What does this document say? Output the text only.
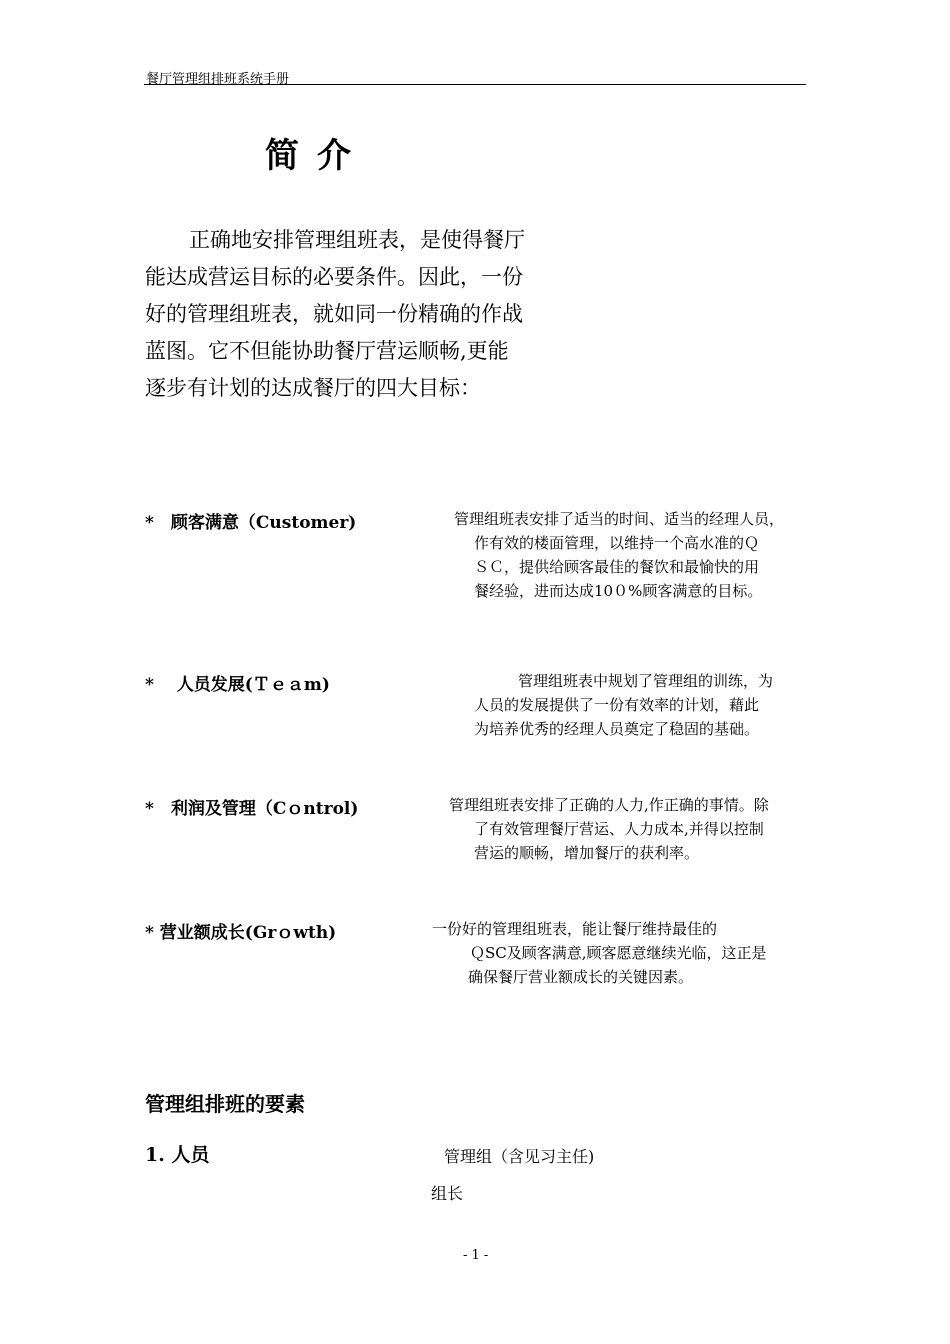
餐厅管理组排班系统手册
简介

正确地安排管理组班表，是使得餐厅

能达成营运目标的必要条件。因此，一份

好的管理组班表，就如同一份精确的作战

蓝图。它不但能协助餐厅营运顺畅,更能

逐步有计划的达成餐厅的四大目标：

*　顾客满意（Customer)	管理组班表安排了适当的时间、适当的经理人员，
作有效的楼面管理，以维持一个高水准的Ｑ
ＳＣ，提供给顾客最佳的餐饮和最愉快的用
餐经验，进而达成10０%顾客满意的目标。
*　 人员发展(Ｔｅａm)	管理组班表中规划了管理组的训练，为
人员的发展提供了一份有效率的计划，藉此
为培养优秀的经理人员奠定了稳固的基础。
*　利润及管理（Cｏntrol)	管理组班表安排了正确的人力,作正确的事情。除
了有效管理餐厅营运、人力成本,并得以控制
营运的顺畅，增加餐厅的获利率。
* 营业额成长(Grｏwth)	一份好的管理组班表，能让餐厅维持最佳的
ＱSC及顾客满意,顾客愿意继续光临，这正是
确保餐厅营业额成长的关键因素。
管理组排班的要素
1. 人员	管理组（含见习主任)
组长
- 1 -
